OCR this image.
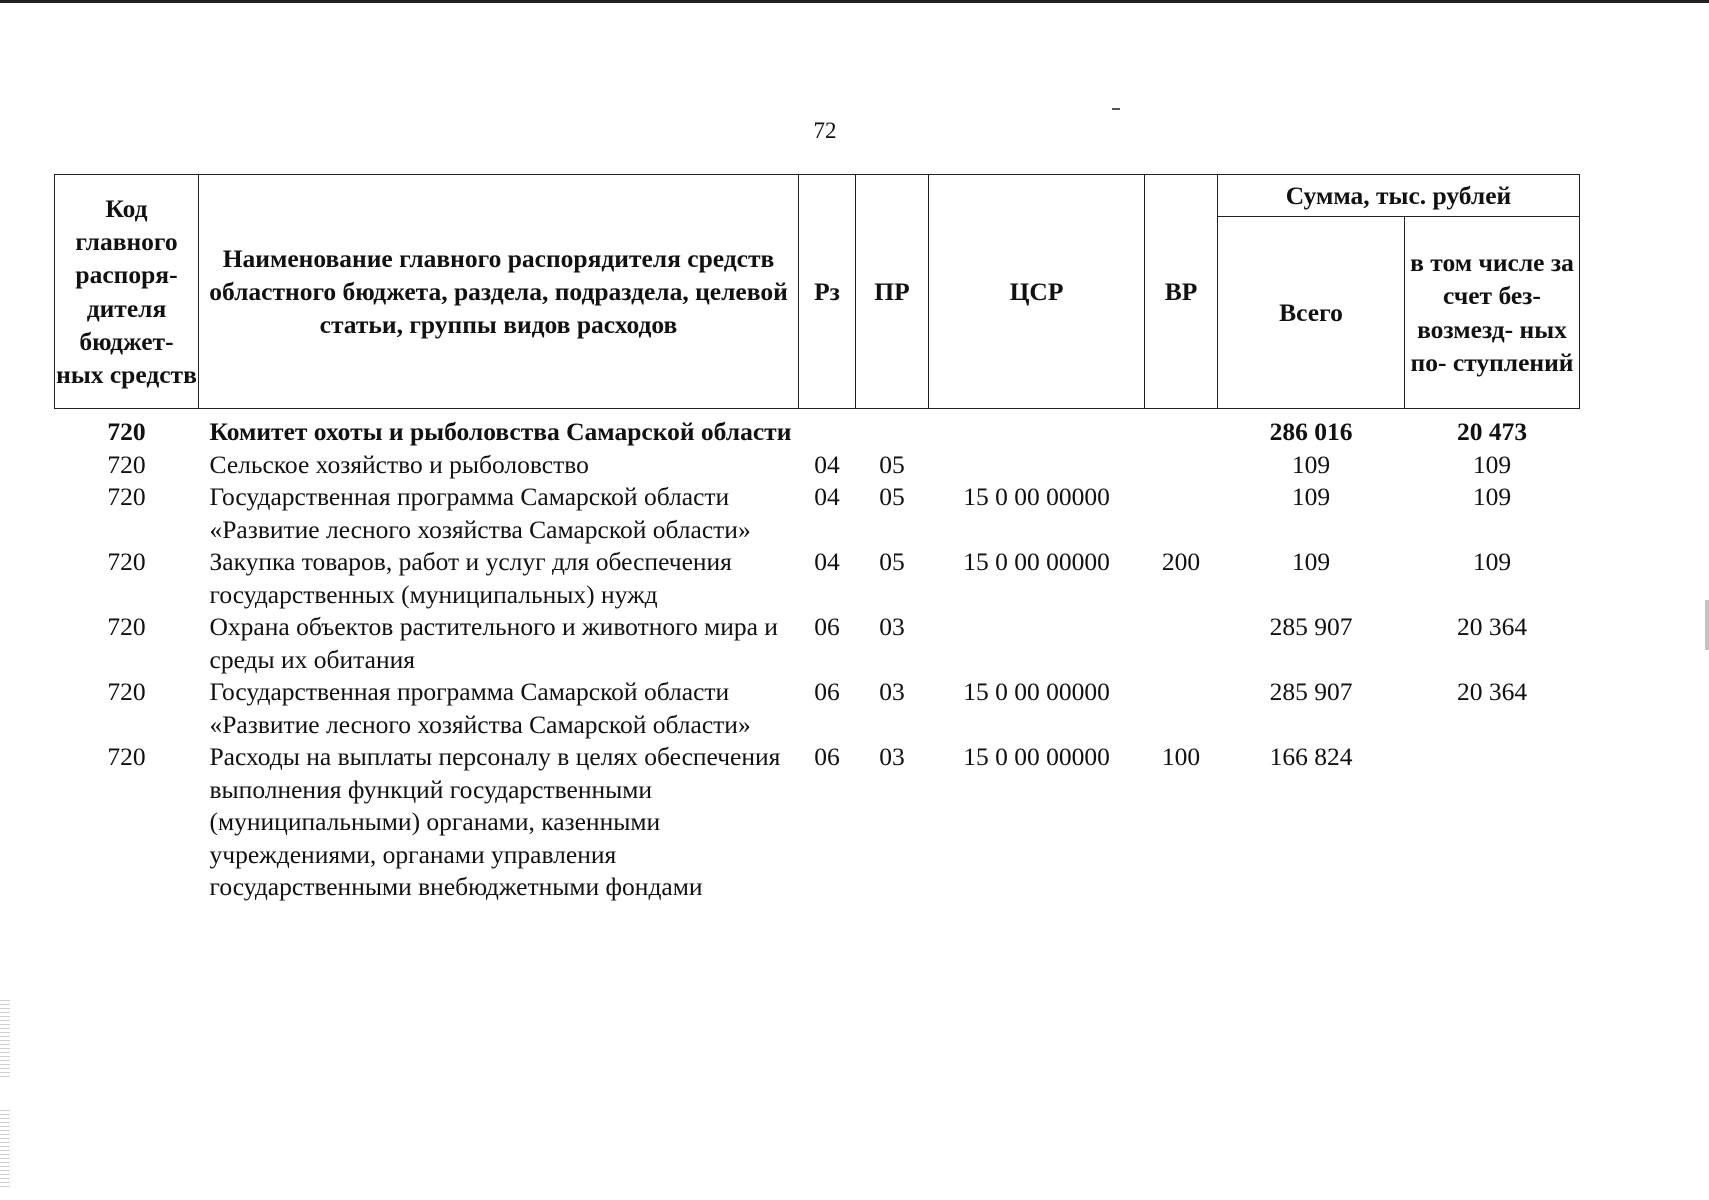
72
Код главного распоря- дителя бюджет- ных средств	Наименование главного распорядителя средств областного бюджета, раздела, подраздела, целевой статьи, группы видов расходов	Рз	ПР	ЦСР	ВР	Сумма, тыс. рублей	
						Всего	в том числе за счет без- возмезд- ных по- ступлений
720	Комитет охоты и рыболовства Самарской области					286 016	20 473
720	Сельское хозяйство и рыболовство	04	05			109	109
720	Государственная программа Самарской области «Развитие лесного хозяйства Самарской области»	04	05	15 0 00 00000		109	109
720	Закупка товаров, работ и услуг для обеспечения государственных (муниципальных) нужд	04	05	15 0 00 00000	200	109	109
720	Охрана объектов растительного и животного мира и среды их обитания	06	03			285 907	20 364
720	Государственная программа Самарской области «Развитие лесного хозяйства Самарской области»	06	03	15 0 00 00000		285 907	20 364
720	Расходы на выплаты персоналу в целях обеспечения выполнения функций государственными (муниципальными) органами, казенными учреждениями, органами управления государственными внебюджетными фондами	06	03	15 0 00 00000	100	166 824	
